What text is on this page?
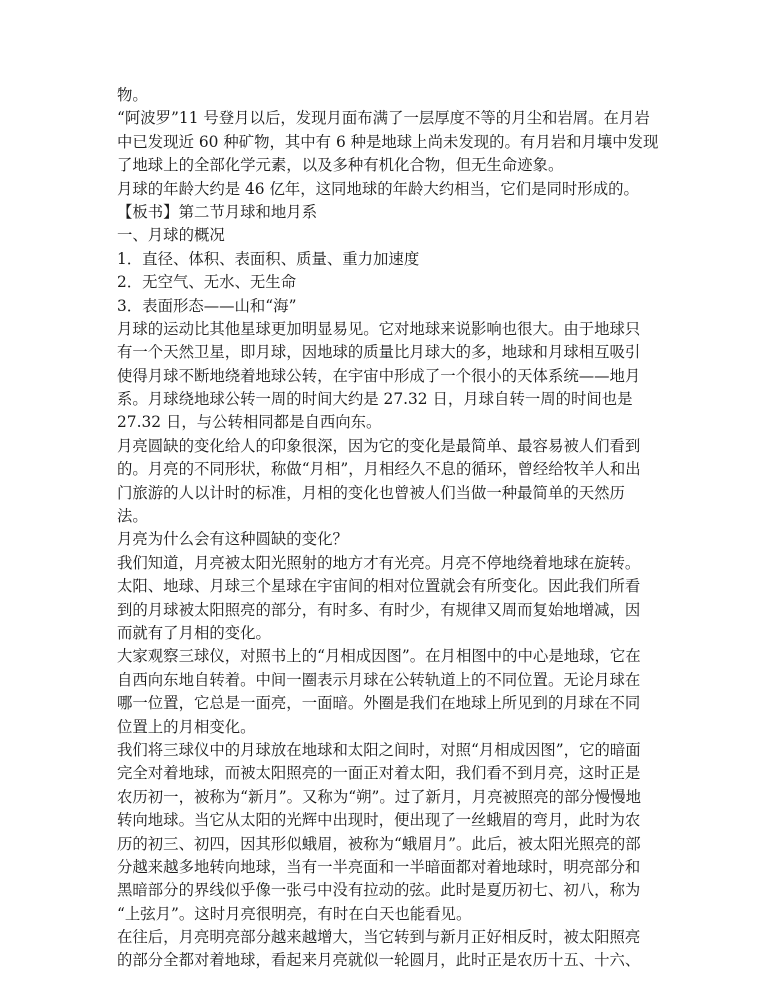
物。
“阿波罗”11 号登月以后，发现月面布满了一层厚度不等的月尘和岩屑。在月岩
中已发现近 60 种矿物，其中有 6 种是地球上尚未发现的。有月岩和月壤中发现
了地球上的全部化学元素，以及多种有机化合物，但无生命迹象。
月球的年龄大约是 46 亿年，这同地球的年龄大约相当，它们是同时形成的。
【板书】第二节月球和地月系
一、月球的概况
1．直径、体积、表面积、质量、重力加速度
2．无空气、无水、无生命
3．表面形态——山和“海”
月球的运动比其他星球更加明显易见。它对地球来说影响也很大。由于地球只
有一个天然卫星，即月球，因地球的质量比月球大的多，地球和月球相互吸引
使得月球不断地绕着地球公转，在宇宙中形成了一个很小的天体系统——地月
系。月球绕地球公转一周的时间大约是 27.32 日，月球自转一周的时间也是
27.32 日，与公转相同都是自西向东。
月亮圆缺的变化给人的印象很深，因为它的变化是最简单、最容易被人们看到
的。月亮的不同形状，称做“月相”，月相经久不息的循环，曾经给牧羊人和出
门旅游的人以计时的标准，月相的变化也曾被人们当做一种最简单的天然历
法。
月亮为什么会有这种圆缺的变化？
我们知道，月亮被太阳光照射的地方才有光亮。月亮不停地绕着地球在旋转。
太阳、地球、月球三个星球在宇宙间的相对位置就会有所变化。因此我们所看
到的月球被太阳照亮的部分，有时多、有时少，有规律又周而复始地增减，因
而就有了月相的变化。
大家观察三球仪，对照书上的“月相成因图”。在月相图中的中心是地球，它在
自西向东地自转着。中间一圈表示月球在公转轨道上的不同位置。无论月球在
哪一位置，它总是一面亮，一面暗。外圈是我们在地球上所见到的月球在不同
位置上的月相变化。
我们将三球仪中的月球放在地球和太阳之间时，对照“月相成因图”，它的暗面
完全对着地球，而被太阳照亮的一面正对着太阳，我们看不到月亮，这时正是
农历初一，被称为“新月”。又称为“朔”。过了新月，月亮被照亮的部分慢慢地
转向地球。当它从太阳的光辉中出现时，便出现了一丝蛾眉的弯月，此时为农
历的初三、初四，因其形似蛾眉，被称为“蛾眉月”。此后，被太阳光照亮的部
分越来越多地转向地球，当有一半亮面和一半暗面都对着地球时，明亮部分和
黑暗部分的界线似乎像一张弓中没有拉动的弦。此时是夏历初七、初八，称为
“上弦月”。这时月亮很明亮，有时在白天也能看见。
在往后，月亮明亮部分越来越增大，当它转到与新月正好相反时，被太阳照亮
的部分全都对着地球，看起来月亮就似一轮圆月，此时正是农历十五、十六、
